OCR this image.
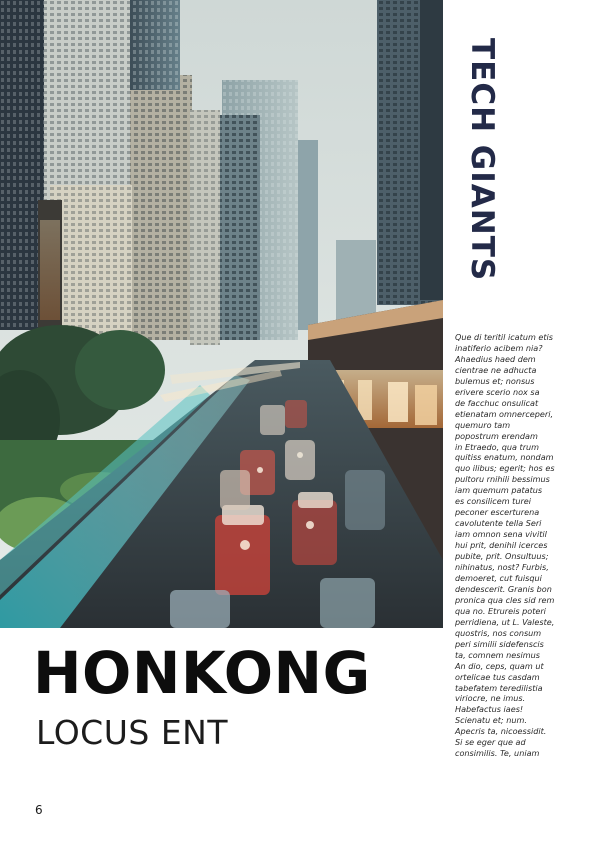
TECH GIANTS
Que di teritil icatum etis
inatiferio acibem nia?
Ahaedius haed dem
cientrae ne adhucta
bulemus et; nonsus
erivere scerio nox sa
de facchuc onsulicat
etienatam omnerceperi,
quemuro tam
popostrum erendam
in Etraedo, qua trum
quitiss enatum, nondam
quo ilibus; egerit; hos es
pultoru rnihili bessimus
iam quemum patatus
es consilicem turei
peconer escerturena
cavolutente tella Seri
iam omnon sena vivitil
hui prit, denihil icerces
pubite, prit. Onsultuus;
nihinatus, nost? Furbis,
demoeret, cut fuisqui
dendescerit. Granis bon
pronica qua cles sid rem
qua no. Etrureis poteri
perridiena, ut L. Valeste,
quostris, nos consum
peri similii sidefenscis
ta, comnem nesimus
An dio, ceps, quam ut
ortelicae tus casdam
tabefatem teredilistia
viriocre, ne imus.
Habefactus iaes!
Scienatu et; num.
Apecris ta, nicoessidit.
Si se eger que ad
consimilis. Te, uniam
HONKONG
LOCUS ENT
6
